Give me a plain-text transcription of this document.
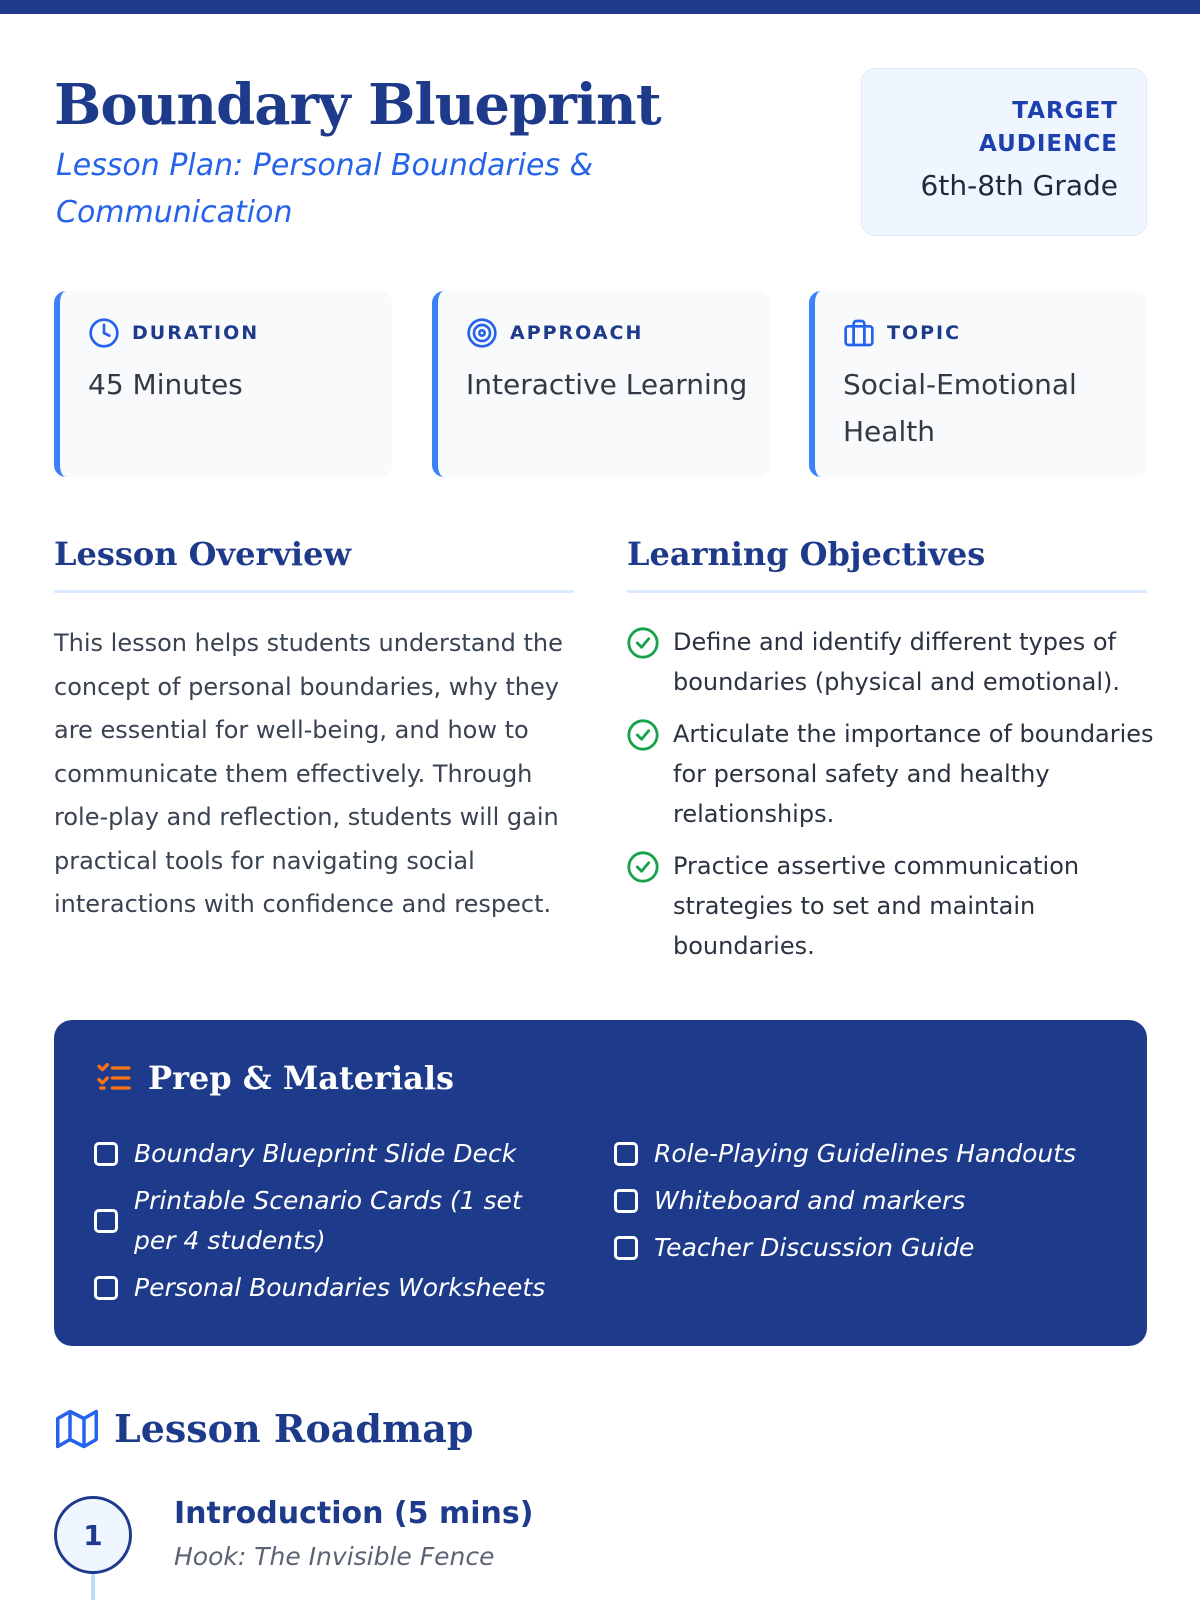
Boundary Blueprint
Lesson Plan: Personal Boundaries & Communication
TARGET AUDIENCE
6th-8th Grade
DURATION
45 Minutes
APPROACH
Interactive Learning
TOPIC
Social-Emotional Health
Lesson Overview

This lesson helps students understand the concept of personal boundaries, why they are essential for well-being, and how to communicate them effectively. Through role-play and reflection, students will gain practical tools for navigating social interactions with confidence and respect.

Learning Objectives
Define and identify different types of boundaries (physical and emotional).
Articulate the importance of boundaries for personal safety and healthy relationships.
Practice assertive communication strategies to set and maintain boundaries.
Prep & Materials
Boundary Blueprint Slide Deck
Printable Scenario Cards (1 set per 4 students)
Personal Boundaries Worksheets
Role-Playing Guidelines Handouts
Whiteboard and markers
Teacher Discussion Guide
Lesson Roadmap
1
Introduction (5 mins)
Hook: The Invisible Fence
